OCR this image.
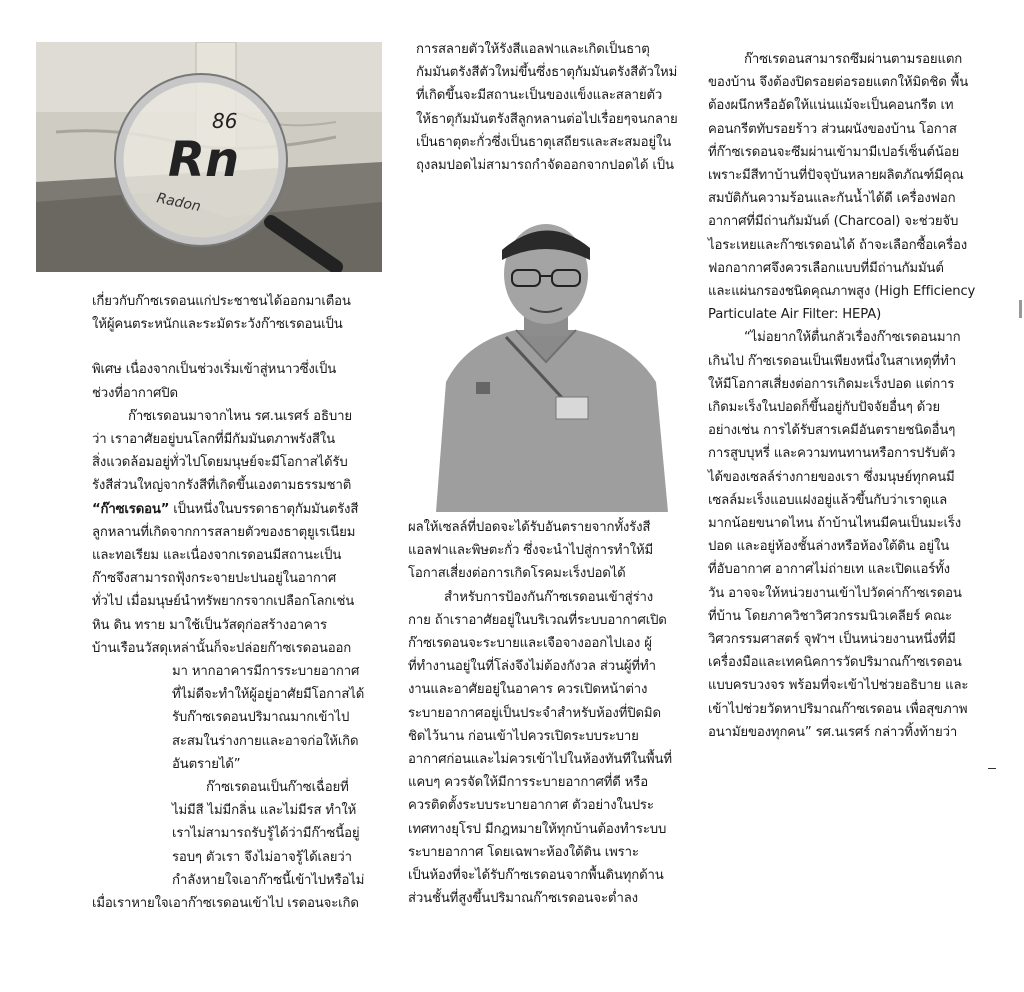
86
Rn
Radon

เกี่ยวกับก๊าซเรดอนแก่ประชาชนได้ออกมาเตือน

ให้ผู้คนตระหนักและระมัดระวังก๊าซเรดอนเป็น

พิเศษ เนื่องจากเป็นช่วงเริ่มเข้าสู่หนาวซึ่งเป็น

ช่วงที่อากาศปิด

ก๊าซเรดอนมาจากไหน รศ.นเรศร์ อธิบาย

ว่า เราอาศัยอยู่บนโลกที่มีกัมมันตภาพรังสีใน

สิ่งแวดล้อมอยู่ทั่วไปโดยมนุษย์จะมีโอกาสได้รับ

รังสีส่วนใหญ่จากรังสีที่เกิดขึ้นเองตามธรรมชาติ

“ก๊าซเรดอน” เป็นหนึ่งในบรรดาธาตุกัมมันตรังสี

ลูกหลานที่เกิดจากการสลายตัวของธาตุยูเรเนียม

และทอเรียม และเนื่องจากเรดอนมีสถานะเป็น

ก๊าซจึงสามารถฟุ้งกระจายปะปนอยู่ในอากาศ

ทั่วไป เมื่อมนุษย์นำทรัพยากรจากเปลือกโลกเช่น

หิน ดิน ทราย มาใช้เป็นวัสดุก่อสร้างอาคาร

บ้านเรือนวัสดุเหล่านั้นก็จะปล่อยก๊าซเรดอนออก

มา หากอาคารมีการระบายอากาศ

ที่ไม่ดีจะทำให้ผู้อยู่อาศัยมีโอกาสได้

รับก๊าซเรดอนปริมาณมากเข้าไป

สะสมในร่างกายและอาจก่อให้เกิด

อันตรายได้”

ก๊าซเรดอนเป็นก๊าซเฉื่อยที่

ไม่มีสี ไม่มีกลิ่น และไม่มีรส ทำให้

เราไม่สามารถรับรู้ได้ว่ามีก๊าซนี้อยู่

รอบๆ ตัวเรา จึงไม่อาจรู้ได้เลยว่า

กำลังหายใจเอาก๊าซนี้เข้าไปหรือไม่

เมื่อเราหายใจเอาก๊าซเรดอนเข้าไป เรดอนจะเกิด

การสลายตัวให้รังสีแอลฟาและเกิดเป็นธาตุ

กัมมันตรังสีตัวใหม่ขึ้นซึ่งธาตุกัมมันตรังสีตัวใหม่

ที่เกิดขึ้นจะมีสถานะเป็นของแข็งและสลายตัว

ให้ธาตุกัมมันตรังสีลูกหลานต่อไปเรื่อยๆจนกลาย

เป็นธาตุตะกั่วซึ่งเป็นธาตุเสถียรและสะสมอยู่ใน

ถุงลมปอดไม่สามารถกำจัดออกจากปอดได้ เป็น

ผลให้เซลล์ที่ปอดจะได้รับอันตรายจากทั้งรังสี

แอลฟาและพิษตะกั่ว ซึ่งจะนำไปสู่การทำให้มี

โอกาสเสี่ยงต่อการเกิดโรคมะเร็งปอดได้

สำหรับการป้องกันก๊าซเรดอนเข้าสู่ร่าง

กาย ถ้าเราอาศัยอยู่ในบริเวณที่ระบบอากาศเปิด

ก๊าซเรดอนจะระบายและเจือจางออกไปเอง ผู้

ที่ทำงานอยู่ในที่โล่งจึงไม่ต้องกังวล ส่วนผู้ที่ทำ

งานและอาศัยอยู่ในอาคาร ควรเปิดหน้าต่าง

ระบายอากาศอยู่เป็นประจำสำหรับห้องที่ปิดมิด

ชิดไว้นาน ก่อนเข้าไปควรเปิดระบบระบาย

อากาศก่อนและไม่ควรเข้าไปในห้องทันทีในพื้นที่

แคบๆ ควรจัดให้มีการระบายอากาศที่ดี หรือ

ควรติดตั้งระบบระบายอากาศ ตัวอย่างในประ

เทศทางยุโรป มีกฎหมายให้ทุกบ้านต้องทำระบบ

ระบายอากาศ โดยเฉพาะห้องใต้ดิน เพราะ

เป็นห้องที่จะได้รับก๊าซเรดอนจากพื้นดินทุกด้าน

ส่วนชั้นที่สูงขึ้นปริมาณก๊าซเรดอนจะต่ำลง

ก๊าซเรดอนสามารถซึมผ่านตามรอยแตก

ของบ้าน จึงต้องปิดรอยต่อรอยแตกให้มิดชิด พื้น

ต้องผนึกหรืออัดให้แน่นแม้จะเป็นคอนกรีต เท

คอนกรีตทับรอยร้าว ส่วนผนังของบ้าน โอกาส

ที่ก๊าซเรดอนจะซึมผ่านเข้ามามีเปอร์เซ็นต์น้อย

เพราะมีสีทาบ้านที่ปัจจุบันหลายผลิตภัณฑ์มีคุณ

สมบัติกันความร้อนและกันน้ำได้ดี เครื่องฟอก

อากาศที่มีถ่านกัมมันต์ (Charcoal) จะช่วยจับ

ไอระเหยและก๊าซเรดอนได้ ถ้าจะเลือกซื้อเครื่อง

ฟอกอากาศจึงควรเลือกแบบที่มีถ่านกัมมันต์

และแผ่นกรองชนิดคุณภาพสูง (High Efficiency

Particulate Air Filter: HEPA)

“ไม่อยากให้ตื่นกลัวเรื่องก๊าซเรดอนมาก

เกินไป ก๊าซเรดอนเป็นเพียงหนึ่งในสาเหตุที่ทำ

ให้มีโอกาสเสี่ยงต่อการเกิดมะเร็งปอด แต่การ

เกิดมะเร็งในปอดก็ขึ้นอยู่กับปัจจัยอื่นๆ ด้วย

อย่างเช่น การได้รับสารเคมีอันตรายชนิดอื่นๆ

การสูบบุหรี่ และความทนทานหรือการปรับตัว

ได้ของเซลล์ร่างกายของเรา ซึ่งมนุษย์ทุกคนมี

เซลล์มะเร็งแอบแฝงอยู่แล้วขึ้นกับว่าเราดูแล

มากน้อยขนาดไหน ถ้าบ้านไหนมีคนเป็นมะเร็ง

ปอด และอยู่ห้องชั้นล่างหรือห้องใต้ดิน อยู่ใน

ที่อับอากาศ อากาศไม่ถ่ายเท และเปิดแอร์ทั้ง

วัน อาจจะให้หน่วยงานเข้าไปวัดค่าก๊าซเรดอน

ที่บ้าน โดยภาควิชาวิศวกรรมนิวเคลียร์ คณะ

วิศวกรรมศาสตร์ จุฬาฯ เป็นหน่วยงานหนึ่งที่มี

เครื่องมือและเทคนิคการวัดปริมาณก๊าซเรดอน

แบบครบวงจร พร้อมที่จะเข้าไปช่วยอธิบาย และ

เข้าไปช่วยวัดหาปริมาณก๊าซเรดอน เพื่อสุขภาพ

อนามัยของทุกคน” รศ.นเรศร์ กล่าวทิ้งท้ายว่า
